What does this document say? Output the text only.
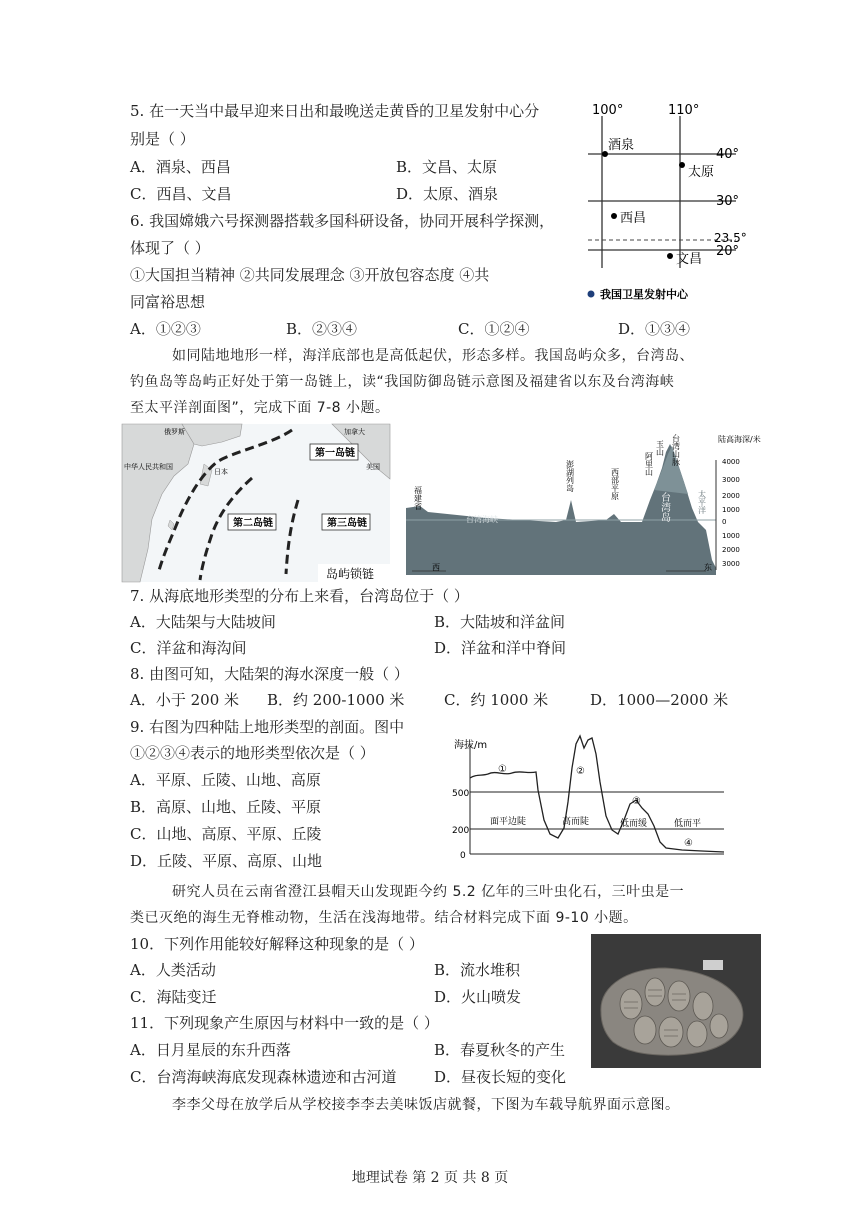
5. 在一天当中最早迎来日出和最晚送走黄昏的卫星发射中心分
别是（ ）
A．酒泉、西昌	B．文昌、太原
C．西昌、文昌	D．太原、酒泉
6. 我国嫦娥六号探测器搭载多国科研设备，协同开展科学探测，
体现了（ ）
①大国担当精神 ②共同发展理念 ③开放包容态度 ④共
同富裕思想
A．①②③	B．②③④	C．①②④	D．①③④
100°	110°
40°
30°
23.5°
20°
酒泉
太原
西昌
文昌
我国卫星发射中心
如同陆地地形一样，海洋底部也是高低起伏，形态多样。我国岛屿众多，台湾岛、
钓鱼岛等岛屿正好处于第一岛链上，读“我国防御岛链示意图及福建省以东及台湾海峡
至太平洋剖面图”，完成下面 7-8 小题。
第一岛链
第二岛链	第三岛链
俄罗斯
中华人民共和国
日本
加拿大
美国
岛屿锁链
福建省
台湾海峡
澎湖列岛	西部平原
阿里山
玉山 台湾山脉
台湾岛	太平洋
陆高海深/米
4000
3000
2000
1000
0
1000
2000
3000
西	东
7. 从海底地形类型的分布上来看，台湾岛位于（ ）
A．大陆架与大陆坡间	B．大陆坡和洋盆间
C．洋盆和海沟间	D．洋盆和洋中脊间
8. 由图可知，大陆架的海水深度一般（ ）
A．小于 200 米 B．约 200-1000 米	C．约 1000 米	D．1000—2000 米
9. 右图为四种陆上地形类型的剖面。图中
①②③④表示的地形类型依次是（ ）
A．平原、丘陵、山地、高原
B．高原、山地、丘陵、平原
C．山地、高原、平原、丘陵
D．丘陵、平原、高原、山地
海拔/m
500
200
0
①	②
③
④
面平边陡	高而陡	低而缓	低而平
研究人员在云南省澄江县帽天山发现距今约 5.2 亿年的三叶虫化石，三叶虫是一
类已灭绝的海生无脊椎动物，生活在浅海地带。结合材料完成下面 9-10 小题。
10．下列作用能较好解释这种现象的是（ ）
A．人类活动	B．流水堆积
C．海陆变迁	D．火山喷发
11．下列现象产生原因与材料中一致的是（ ）
A．日月星辰的东升西落	B．春夏秋冬的产生
C．台湾海峡海底发现森林遗迹和古河道	D．昼夜长短的变化
李李父母在放学后从学校接李李去美味饭店就餐，下图为车载导航界面示意图。
地理试卷 第 2 页 共 8 页
